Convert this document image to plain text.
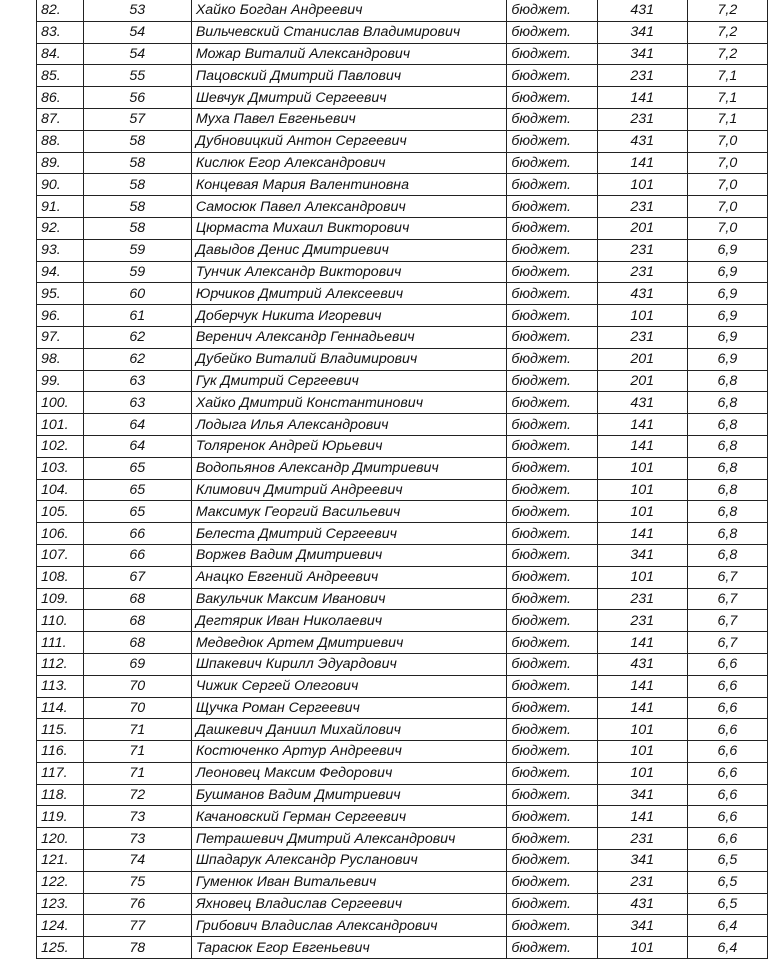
82.	53	Хайко Богдан Андреевич	бюджет.	431	7,2
83.	54	Вильчевский Станислав Владимирович	бюджет.	341	7,2
84.	54	Можар Виталий Александрович	бюджет.	341	7,2
85.	55	Пацовский Дмитрий Павлович	бюджет.	231	7,1
86.	56	Шевчук Дмитрий Сергеевич	бюджет.	141	7,1
87.	57	Муха Павел Евгеньевич	бюджет.	231	7,1
88.	58	Дубновицкий Антон Сергеевич	бюджет.	431	7,0
89.	58	Кислюк Егор Александрович	бюджет.	141	7,0
90.	58	Концевая Мария Валентиновна	бюджет.	101	7,0
91.	58	Самосюк Павел Александрович	бюджет.	231	7,0
92.	58	Цюрмаста Михаил Викторович	бюджет.	201	7,0
93.	59	Давыдов Денис Дмитриевич	бюджет.	231	6,9
94.	59	Тунчик Александр Викторович	бюджет.	231	6,9
95.	60	Юрчиков Дмитрий Алексеевич	бюджет.	431	6,9
96.	61	Доберчук Никита Игоревич	бюджет.	101	6,9
97.	62	Веренич Александр Геннадьевич	бюджет.	231	6,9
98.	62	Дубейко Виталий Владимирович	бюджет.	201	6,9
99.	63	Гук Дмитрий Сергеевич	бюджет.	201	6,8
100.	63	Хайко Дмитрий Константинович	бюджет.	431	6,8
101.	64	Лодыга Илья Александрович	бюджет.	141	6,8
102.	64	Толяренок Андрей Юрьевич	бюджет.	141	6,8
103.	65	Водопьянов Александр Дмитриевич	бюджет.	101	6,8
104.	65	Климович Дмитрий Андреевич	бюджет.	101	6,8
105.	65	Максимук Георгий Васильевич	бюджет.	101	6,8
106.	66	Белеста Дмитрий Сергеевич	бюджет.	141	6,8
107.	66	Воржев Вадим Дмитриевич	бюджет.	341	6,8
108.	67	Анацко Евгений Андреевич	бюджет.	101	6,7
109.	68	Вакульчик Максим Иванович	бюджет.	231	6,7
110.	68	Дегтярик Иван Николаевич	бюджет.	231	6,7
111.	68	Медведюк Артем Дмитриевич	бюджет.	141	6,7
112.	69	Шпакевич Кирилл Эдуардович	бюджет.	431	6,6
113.	70	Чижик Сергей Олегович	бюджет.	141	6,6
114.	70	Щучка Роман Сергеевич	бюджет.	141	6,6
115.	71	Дашкевич Даниил Михайлович	бюджет.	101	6,6
116.	71	Костюченко Артур Андреевич	бюджет.	101	6,6
117.	71	Леоновец Максим Федорович	бюджет.	101	6,6
118.	72	Бушманов Вадим Дмитриевич	бюджет.	341	6,6
119.	73	Качановский Герман Сергеевич	бюджет.	141	6,6
120.	73	Петрашевич Дмитрий Александрович	бюджет.	231	6,6
121.	74	Шпадарук Александр Русланович	бюджет.	341	6,5
122.	75	Гуменюк Иван Витальевич	бюджет.	231	6,5
123.	76	Яхновец Владислав Сергеевич	бюджет.	431	6,5
124.	77	Грибович Владислав Александрович	бюджет.	341	6,4
125.	78	Тарасюк Егор Евгеньевич	бюджет.	101	6,4
